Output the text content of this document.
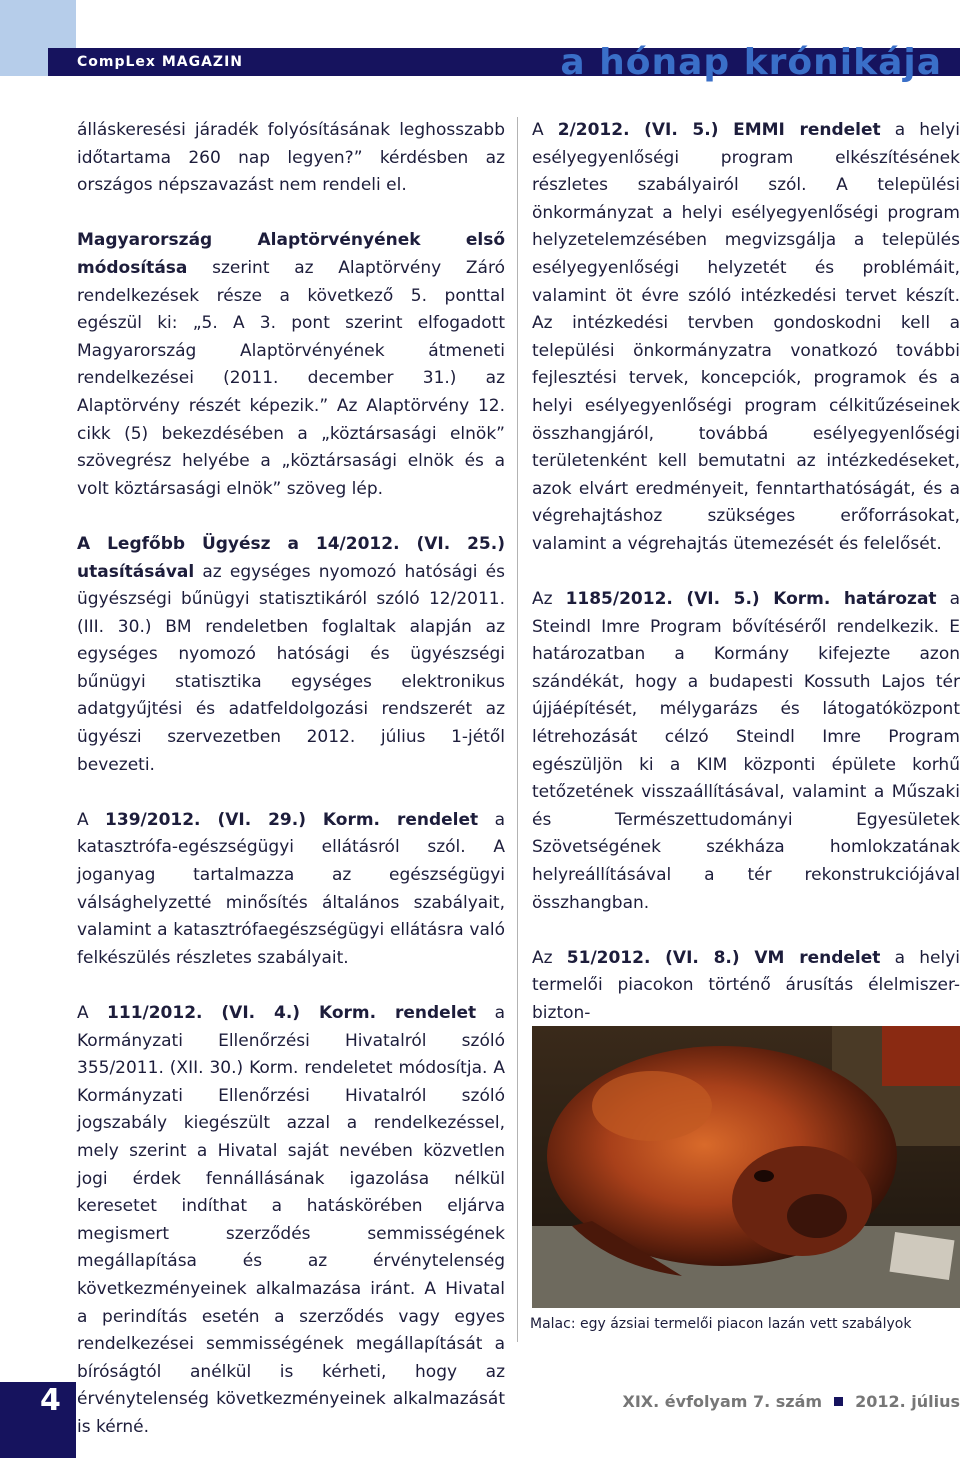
CompLex MAGAZIN	a hónap krónikája

álláskeresési járadék folyósításának leghosszabb időtartama 260 nap legyen?” kérdésben az országos népszavazást nem rendeli el.

Magyarország Alaptörvényének első módosítása szerint az Alaptörvény Záró rendelkezések része a következő 5. ponttal egészül ki: „5. A 3. pont szerint elfogadott Magyarország Alaptörvényének átmeneti rendelkezései (2011. december 31.) az Alaptörvény részét képezik.” Az Alaptörvény 12. cikk (5) bekezdésében a „köztársasági elnök” szövegrész helyébe a „köztársasági elnök és a volt köztársasági elnök” szöveg lép.

A Legfőbb Ügyész a 14/2012. (VI. 25.) utasításával az egységes nyomozó hatósági és ügyészségi bűnügyi statisztikáról szóló 12/2011. (III. 30.) BM rendeletben foglaltak alapján az egységes nyomozó hatósági és ügyészségi bűnügyi statisztika egységes elektronikus adatgyűjtési és adatfeldolgozási rendszerét az ügyészi szervezetben 2012. július 1-jétől bevezeti.

A 139/2012. (VI. 29.) Korm. rendelet a katasztrófa-egészségügyi ellátásról szól. A joganyag tartalmazza az egészségügyi válsághelyzetté minősítés általános szabályait, valamint a katasztrófaegészségügyi ellátásra való felkészülés részletes szabályait.

A 111/2012. (VI. 4.) Korm. rendelet a Kormányzati Ellenőrzési Hivatalról szóló 355/2011. (XII. 30.) Korm. rendeletet módosítja. A Kormányzati Ellenőrzési Hivatalról szóló jogszabály kiegészült azzal a rendelkezéssel, mely szerint a Hivatal saját nevében közvetlen jogi érdek fennállásának igazolása nélkül keresetet indíthat a hatáskörében eljárva megismert szerződés semmisségének megállapítása és az érvénytelenség következményeinek alkalmazása iránt. A Hivatal a perindítás esetén a szerződés vagy egyes rendelkezései semmisségének megállapítását a bíróságtól anélkül is kérheti, hogy az érvénytelenség következményeinek alkalmazását is kérné.

A 2/2012. (VI. 5.) EMMI rendelet a helyi esélyegyenlőségi program elkészítésének részletes szabályairól szól. A települési önkormányzat a helyi esélyegyenlőségi program helyzetelemzésében megvizsgálja a település esélyegyenlőségi helyzetét és problémáit, valamint öt évre szóló intézkedési tervet készít. Az intézkedési tervben gondoskodni kell a települési önkormányzatra vonatkozó további fejlesztési tervek, koncepciók, programok és a helyi esélyegyenlőségi program célkitűzéseinek összhangjáról, továbbá esélyegyenlőségi területenként kell bemutatni az intézkedéseket, azok elvárt eredményeit, fenntarthatóságát, és a végrehajtáshoz szükséges erőforrásokat, valamint a végrehajtás ütemezését és felelősét.

Az 1185/2012. (VI. 5.) Korm. határozat a Steindl Imre Program bővítéséről rendelkezik. E határozatban a Kormány kifejezte azon szándékát, hogy a budapesti Kossuth Lajos tér újjáépítését, mélygarázs és látogatóközpont létrehozását célzó Steindl Imre Program egészüljön ki a KIM központi épülete korhű tetőzetének visszaállításával, valamint a Műszaki és Természettudományi Egyesületek Szövetségének székháza homlokzatának helyreállításával a tér rekonstrukciójával összhangban.

Az 51/2012. (VI. 8.) VM rendelet a helyi termelői piacokon történő árusítás élelmiszer-bizton-

Malac: egy ázsiai termelői piacon lazán vett szabályok
4	XIX. évfolyam 7. szám 2012. július
